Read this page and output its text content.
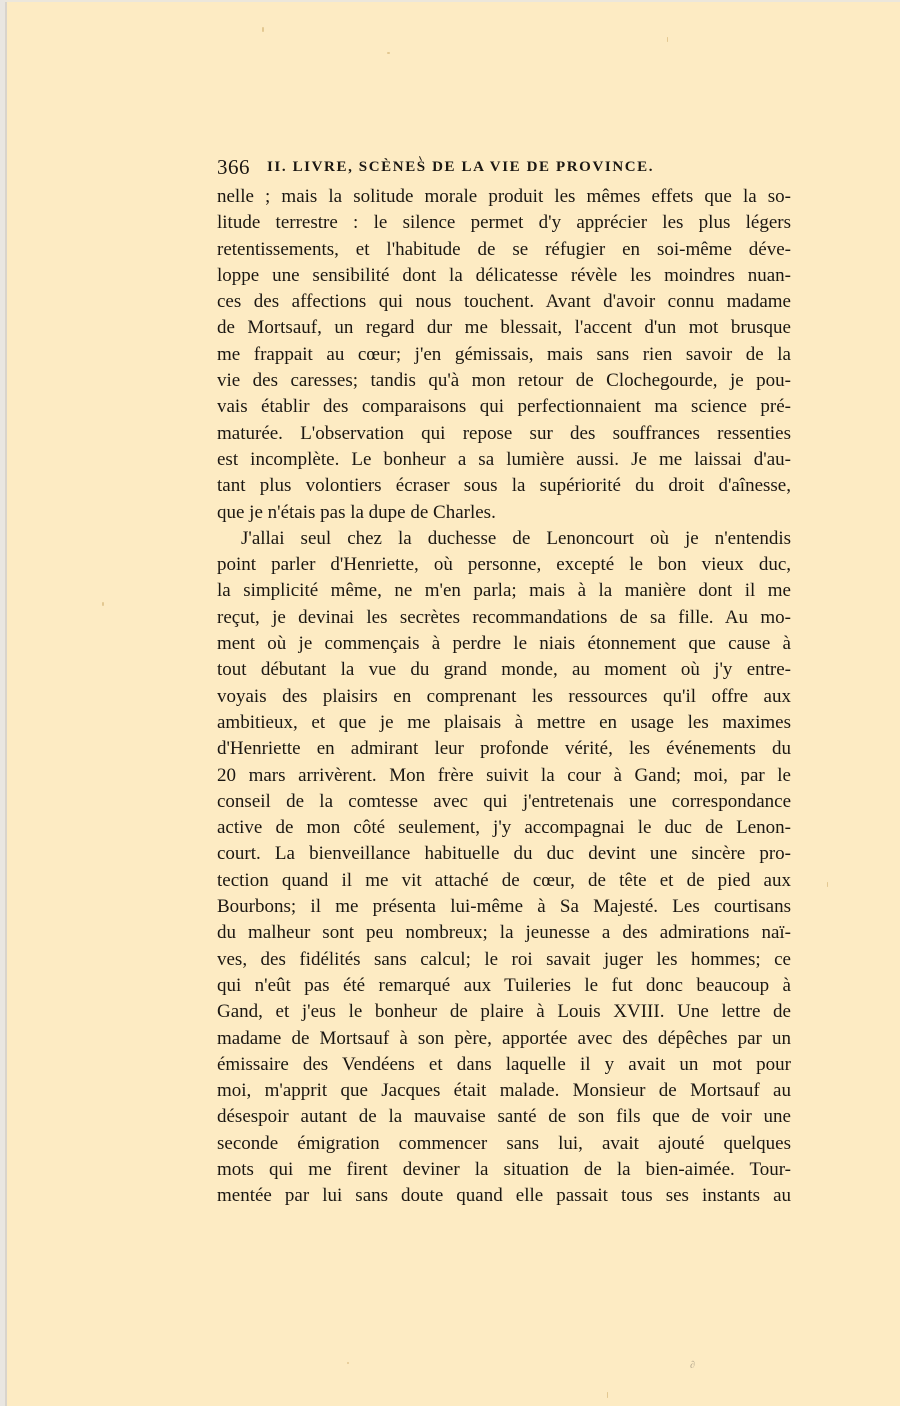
∂
366 II. LIVRE, SCÈNES DE LA VIE DE PROVINCE.
nelle ; mais la solitude morale produit les mêmes effets que la so-
litude terrestre : le silence permet d'y apprécier les plus légers
retentissements, et l'habitude de se réfugier en soi-même déve-
loppe une sensibilité dont la délicatesse révèle les moindres nuan-
ces des affections qui nous touchent. Avant d'avoir connu madame
de Mortsauf, un regard dur me blessait, l'accent d'un mot brusque
me frappait au cœur; j'en gémissais, mais sans rien savoir de la
vie des caresses; tandis qu'à mon retour de Clochegourde, je pou-
vais établir des comparaisons qui perfectionnaient ma science pré-
maturée. L'observation qui repose sur des souffrances ressenties
est incomplète. Le bonheur a sa lumière aussi. Je me laissai d'au-
tant plus volontiers écraser sous la supériorité du droit d'aînesse,
que je n'étais pas la dupe de Charles.
J'allai seul chez la duchesse de Lenoncourt où je n'entendis
point parler d'Henriette, où personne, excepté le bon vieux duc,
la simplicité même, ne m'en parla; mais à la manière dont il me
reçut, je devinai les secrètes recommandations de sa fille. Au mo-
ment où je commençais à perdre le niais étonnement que cause à
tout débutant la vue du grand monde, au moment où j'y entre-
voyais des plaisirs en comprenant les ressources qu'il offre aux
ambitieux, et que je me plaisais à mettre en usage les maximes
d'Henriette en admirant leur profonde vérité, les événements du
20 mars arrivèrent. Mon frère suivit la cour à Gand; moi, par le
conseil de la comtesse avec qui j'entretenais une correspondance
active de mon côté seulement, j'y accompagnai le duc de Lenon-
court. La bienveillance habituelle du duc devint une sincère pro-
tection quand il me vit attaché de cœur, de tête et de pied aux
Bourbons; il me présenta lui-même à Sa Majesté. Les courtisans
du malheur sont peu nombreux; la jeunesse a des admirations naï-
ves, des fidélités sans calcul; le roi savait juger les hommes; ce
qui n'eût pas été remarqué aux Tuileries le fut donc beaucoup à
Gand, et j'eus le bonheur de plaire à Louis XVIII. Une lettre de
madame de Mortsauf à son père, apportée avec des dépêches par un
émissaire des Vendéens et dans laquelle il y avait un mot pour
moi, m'apprit que Jacques était malade. Monsieur de Mortsauf au
désespoir autant de la mauvaise santé de son fils que de voir une
seconde émigration commencer sans lui, avait ajouté quelques
mots qui me firent deviner la situation de la bien-aimée. Tour-
mentée par lui sans doute quand elle passait tous ses instants au
